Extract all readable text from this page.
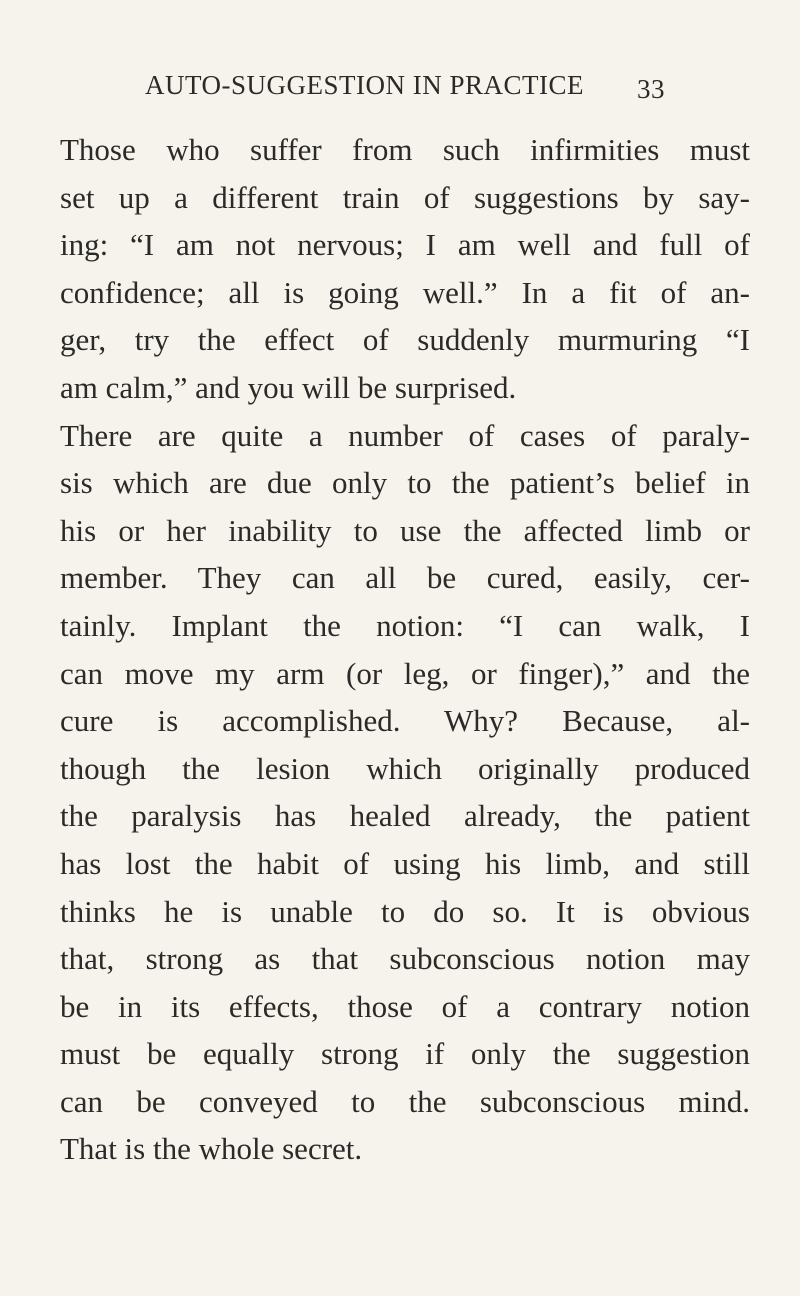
AUTO-SUGGESTION IN PRACTICE 33
Those who suffer from such infirmities must
set up a different train of suggestions by say-
ing: “I am not nervous; I am well and full of
confidence; all is going well.” In a fit of an-
ger, try the effect of suddenly murmuring “I
am calm,” and you will be surprised.
There are quite a number of cases of paraly-
sis which are due only to the patient’s belief in
his or her inability to use the affected limb or
member. They can all be cured, easily, cer-
tainly. Implant the notion: “I can walk, I
can move my arm (or leg, or finger),” and the
cure is accomplished. Why? Because, al-
though the lesion which originally produced
the paralysis has healed already, the patient
has lost the habit of using his limb, and still
thinks he is unable to do so. It is obvious
that, strong as that subconscious notion may
be in its effects, those of a contrary notion
must be equally strong if only the suggestion
can be conveyed to the subconscious mind.
That is the whole secret.
